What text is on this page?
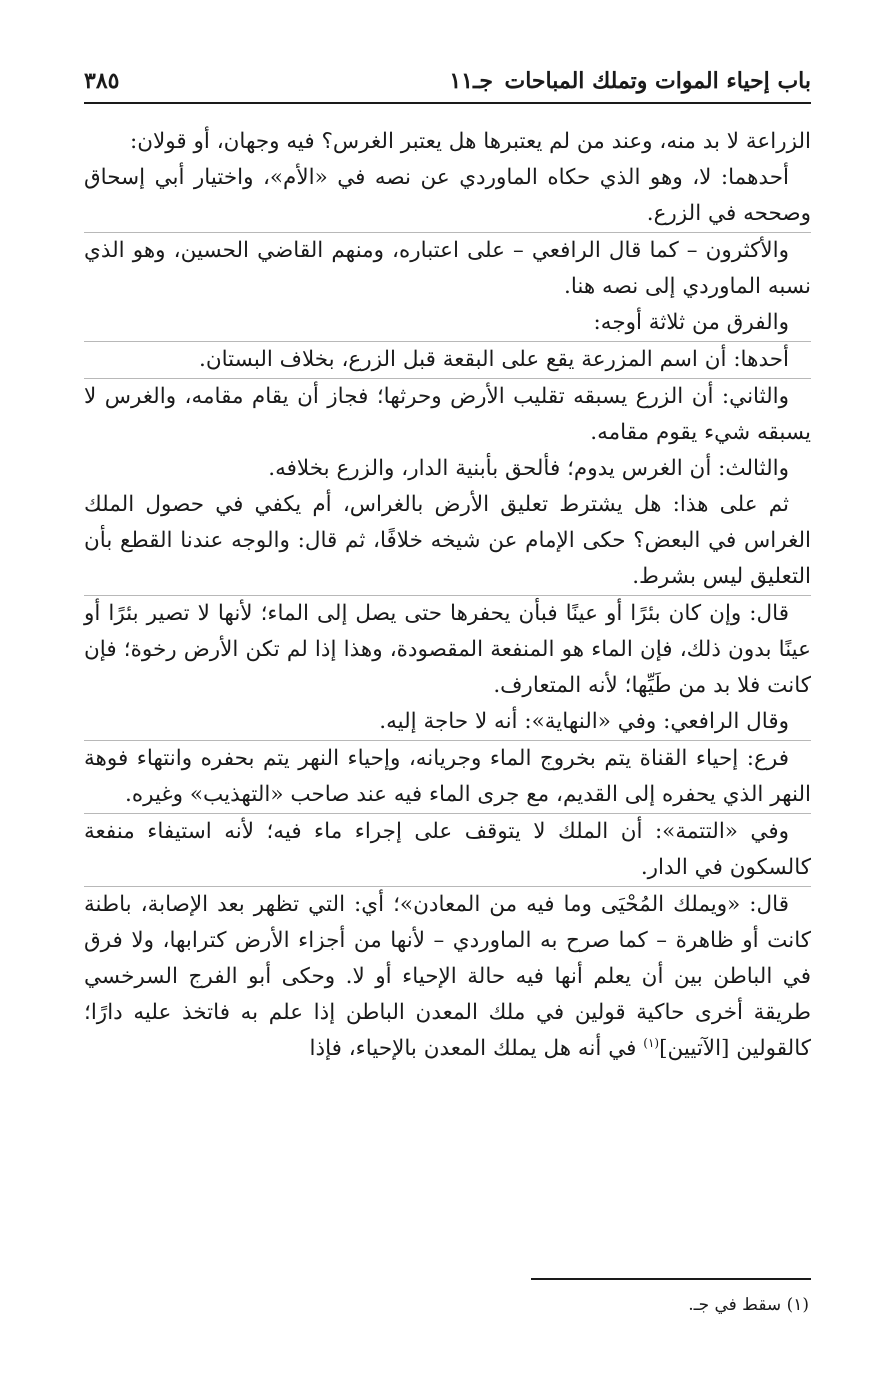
باب إحياء الموات وتملك المباحات
جـ١١
٣٨٥

الزراعة لا بد منه، وعند من لم يعتبرها هل يعتبر الغرس؟ فيه وجهان، أو قولان:

أحدهما: لا، وهو الذي حكاه الماوردي عن نصه في «الأم»، واختيار أبي إسحاق وصححه في الزرع.

والأكثرون – كما قال الرافعي – على اعتباره، ومنهم القاضي الحسين، وهو الذي نسبه الماوردي إلى نصه هنا.

والفرق من ثلاثة أوجه:

أحدها: أن اسم المزرعة يقع على البقعة قبل الزرع، بخلاف البستان.

والثاني: أن الزرع يسبقه تقليب الأرض وحرثها؛ فجاز أن يقام مقامه، والغرس لا يسبقه شيء يقوم مقامه.

والثالث: أن الغرس يدوم؛ فألحق بأبنية الدار، والزرع بخلافه.

ثم على هذا: هل يشترط تعليق الأرض بالغراس، أم يكفي في حصول الملك الغراس في البعض؟ حكى الإمام عن شيخه خلافًا، ثم قال: والوجه عندنا القطع بأن التعليق ليس بشرط.

قال: وإن كان بئرًا أو عينًا فبأن يحفرها حتى يصل إلى الماء؛ لأنها لا تصير بئرًا أو عينًا بدون ذلك، فإن الماء هو المنفعة المقصودة، وهذا إذا لم تكن الأرض رخوة؛ فإن كانت فلا بد من طَيِّها؛ لأنه المتعارف.

وقال الرافعي: وفي «النهاية»: أنه لا حاجة إليه.

فرع: إحياء القناة يتم بخروج الماء وجريانه، وإحياء النهر يتم بحفره وانتهاء فوهة النهر الذي يحفره إلى القديم، مع جرى الماء فيه عند صاحب «التهذيب» وغيره.

وفي «التتمة»: أن الملك لا يتوقف على إجراء ماء فيه؛ لأنه استيفاء منفعة كالسكون في الدار.

قال: «ويملك المُحْيَى وما فيه من المعادن»؛ أي: التي تظهر بعد الإصابة، باطنة كانت أو ظاهرة – كما صرح به الماوردي – لأنها من أجزاء الأرض كترابها، ولا فرق في الباطن بين أن يعلم أنها فيه حالة الإحياء أو لا. وحكى أبو الفرج السرخسي طريقة أخرى حاكية قولين في ملك المعدن الباطن إذا علم به فاتخذ عليه دارًا؛ كالقولين [الآتيين]$^{(١)}$ في أنه هل يملك المعدن بالإحياء، فإذا

(١) سقط في جـ.
